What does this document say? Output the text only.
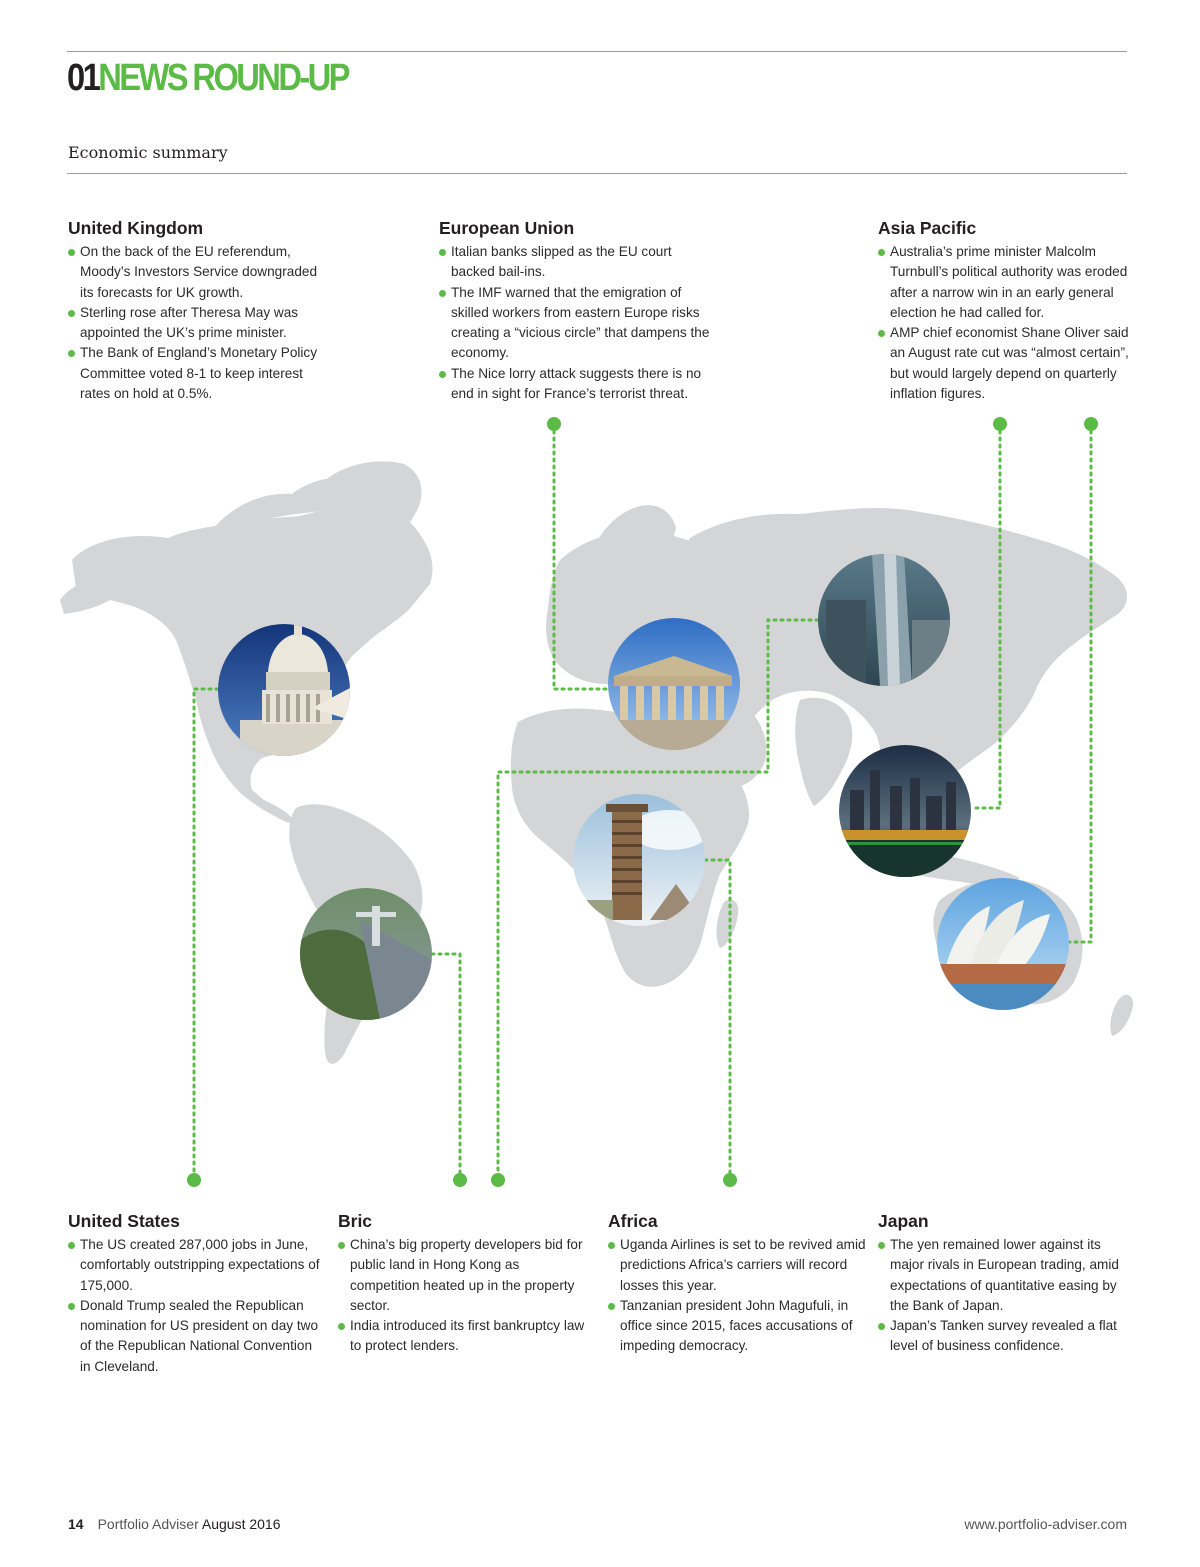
01NEWS ROUND-UP
Economic summary
United Kingdom
On the back of the EU referendum, Moody’s Investors Service downgraded its forecasts for UK growth.
Sterling rose after Theresa May was appointed the UK’s prime minister.
The Bank of England’s Monetary Policy Committee voted 8-1 to keep interest rates on hold at 0.5%.
European Union
Italian banks slipped as the EU court backed bail-ins.
The IMF warned that the emigration of skilled workers from eastern Europe risks creating a “vicious circle” that dampens the economy.
The Nice lorry attack suggests there is no end in sight for France’s terrorist threat.
Asia Pacific
Australia’s prime minister Malcolm Turnbull’s political authority was eroded after a narrow win in an early general election he had called for.
AMP chief economist Shane Oliver said an August rate cut was “almost certain”, but would largely depend on quarterly inflation figures.
United States
The US created 287,000 jobs in June, comfortably outstripping expectations of 175,000.
Donald Trump sealed the Republican nomination for US president on day two of the Republican National Convention in Cleveland.
Bric
China’s big property developers bid for public land in Hong Kong as competition heated up in the property sector.
India introduced its first bankruptcy law to protect lenders.
Africa
Uganda Airlines is set to be revived amid predictions Africa’s carriers will record losses this year.
Tanzanian president John Magufuli, in office since 2015, faces accusations of impeding democracy.
Japan
The yen remained lower against its major rivals in European trading, amid expectations of quantitative easing by the Bank of Japan.
Japan’s Tanken survey revealed a flat level of business confidence.
14 Portfolio Adviser August 2016	www.portfolio-adviser.com
